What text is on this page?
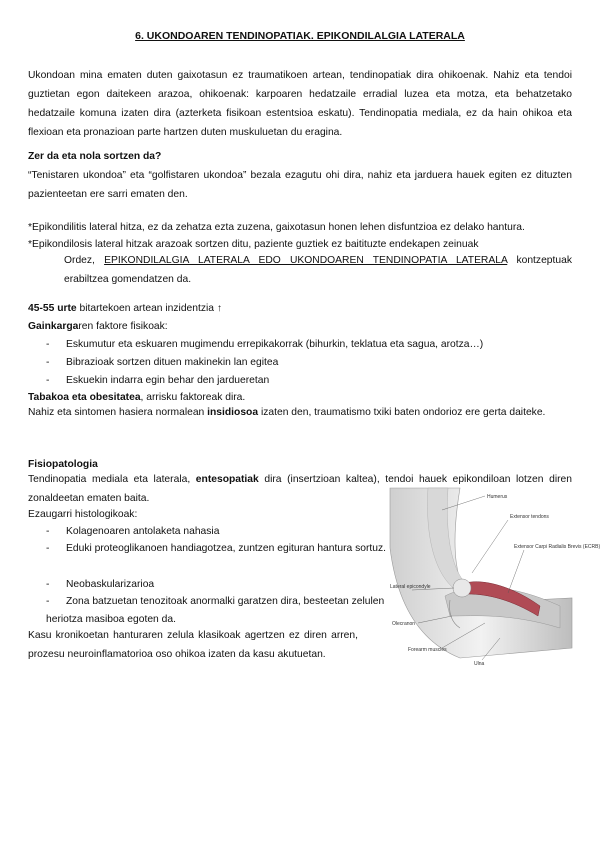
6. UKONDOAREN TENDINOPATIAK. EPIKONDILALGIA LATERALA
Ukondoan mina ematen duten gaixotasun ez traumatikoen artean, tendinopatiak dira ohikoenak. Nahiz eta tendoi guztietan egon daitekeen arazoa, ohikoenak: karpoaren hedatzaile erradial luzea eta motza, eta behatzetako hedatzaile komuna izaten dira (azterketa fisikoan estentsioa eskatu). Tendinopatia mediala, ez da hain ohikoa eta flexioan eta pronazioan parte hartzen duten muskuluetan du eragina.
Zer da eta nola sortzen da?
“Tenistaren ukondoa” eta “golfistaren ukondoa” bezala ezagutu ohi dira, nahiz eta jarduera hauek egiten ez dituzten pazienteetan ere sarri ematen den.
*Epikondilitis lateral hitza, ez da zehatza ezta zuzena, gaixotasun honen lehen disfuntzioa ez delako hantura.
*Epikondilosis lateral hitzak arazoak sortzen ditu, paziente guztiek ez baitituzte endekapen zeinuak
Ordez, EPIKONDILALGIA LATERALA EDO UKONDOAREN TENDINOPATIA LATERALA kontzeptuak erabiltzea gomendatzen da.
45-55 urte bitartekoen artean inzidentzia ↑
Gainkargaren faktore fisikoak:
- Eskumutur eta eskuaren mugimendu errepikakorrak (bihurkin, teklatua eta sagua, arotza…)
- Bibrazioak sortzen dituen makinekin lan egitea
- Eskuekin indarra egin behar den jardueretan
Tabakoa eta obesitatea, arrisku faktoreak dira.
Nahiz eta sintomen hasiera normalean insidiosoa izaten den, traumatismo txiki baten ondorioz ere gerta daiteke.
Fisiopatologia
Tendinopatia mediala eta laterala, entesopatiak dira (insertzioan kaltea), tendoi hauek epikondiloan lotzen diren zonaldeetan ematen baita.
Ezaugarri histologikoak:
- Kolagenoaren antolaketa nahasia
- Eduki proteoglikanoen handiagotzea, zuntzen egituran hantura sortuz.
- Neobaskularizarioa
- Zona batzuetan tenozitoak anormalki garatzen dira, besteetan zelulen heriotza masiboa egoten da.
Kasu kronikoetan hanturaren zelula klasikoak agertzen ez diren arren, prozesu neuroinflamatorioa oso ohikoa izaten da kasu akutuetan.
Humerus
Extensor tendons
Extensor Carpi Radialis Brevis (ECRB)
Lateral epicondyle
Olecranon
Forearm muscles
Ulna
